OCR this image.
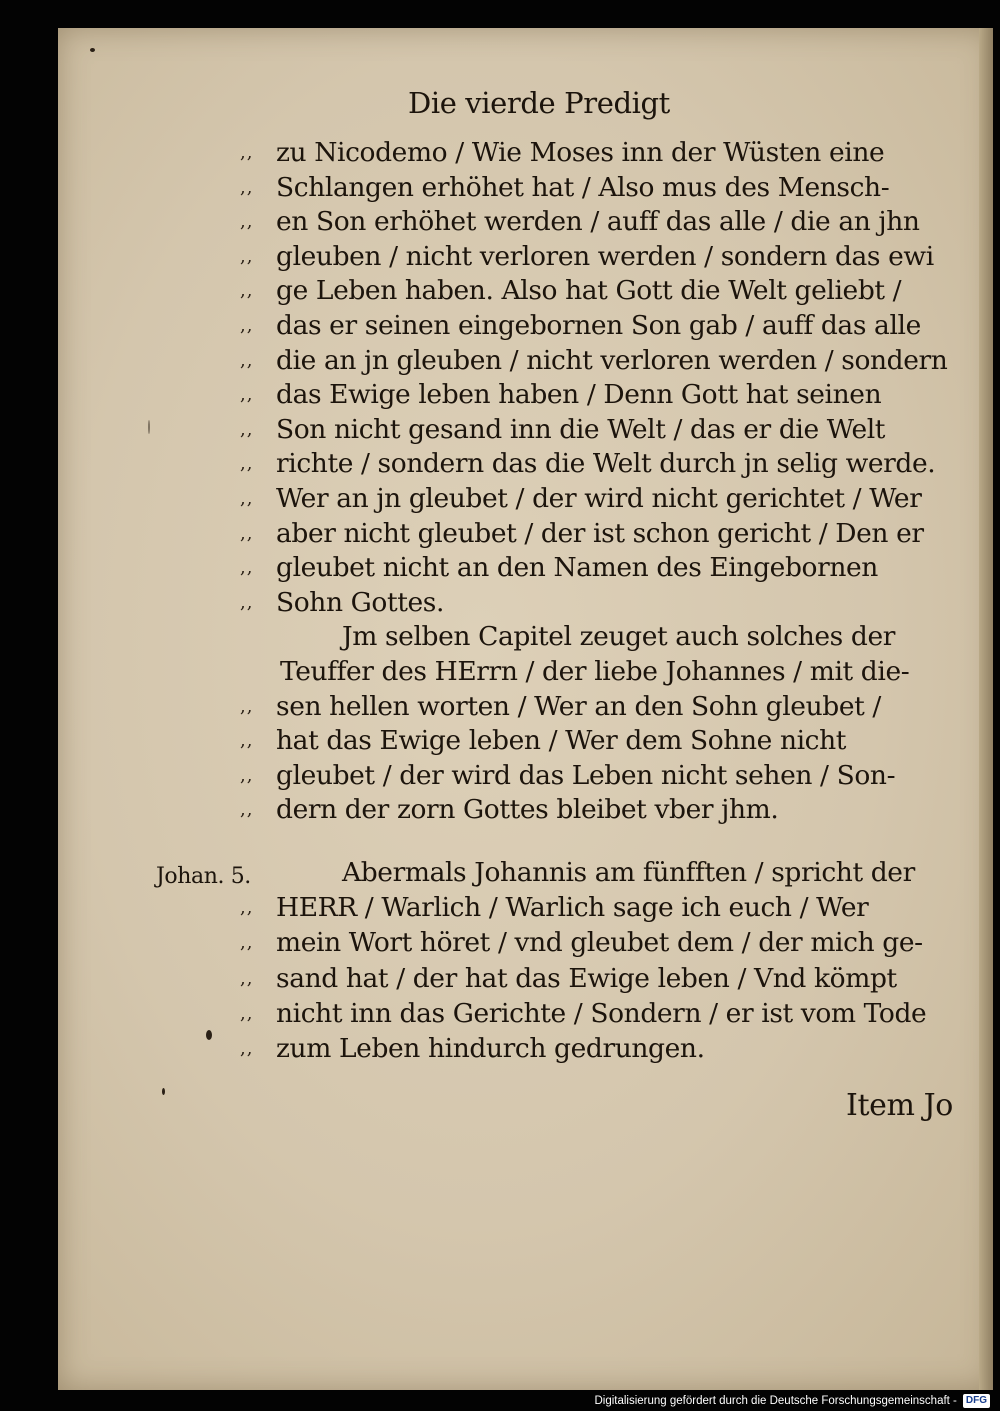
Die vierde Predigt
,, zu Nicodemo / Wie Moses inn der Wüsten eine
,, Schlangen erhöhet hat / Also mus des Mensch-
,, en Son erhöhet werden / auff das alle / die an jhn
,, gleuben / nicht verloren werden / sondern das ewi
,, ge Leben haben. Also hat Gott die Welt geliebt /
,, das er seinen eingebornen Son gab / auff das alle
,, die an jn gleuben / nicht verloren werden / sondern
,, das Ewige leben haben / Denn Gott hat seinen
,, Son nicht gesand inn die Welt / das er die Welt
,, richte / sondern das die Welt durch jn selig werde.
,, Wer an jn gleubet / der wird nicht gerichtet / Wer
,, aber nicht gleubet / der ist schon gericht / Den er
,, gleubet nicht an den Namen des Eingebornen
,, Sohn Gottes.
Jm selben Capitel zeuget auch solches der
Teuffer des HErrn / der liebe Johannes / mit die-
,, sen hellen worten / Wer an den Sohn gleubet /
,, hat das Ewige leben / Wer dem Sohne nicht
,, gleubet / der wird das Leben nicht sehen / Son-
,, dern der zorn Gottes bleibet vber jhm.
Abermals Johannis am fünfften / spricht der
,, HERR / Warlich / Warlich sage ich euch / Wer
,, mein Wort höret / vnd gleubet dem / der mich ge-
,, sand hat / der hat das Ewige leben / Vnd kömpt
,, nicht inn das Gerichte / Sondern / er ist vom Tode
,, zum Leben hindurch gedrungen.
Johan. 5.
Item Jo
Digitalisierung gefördert durch die Deutsche Forschungsgemeinschaft - DFG
